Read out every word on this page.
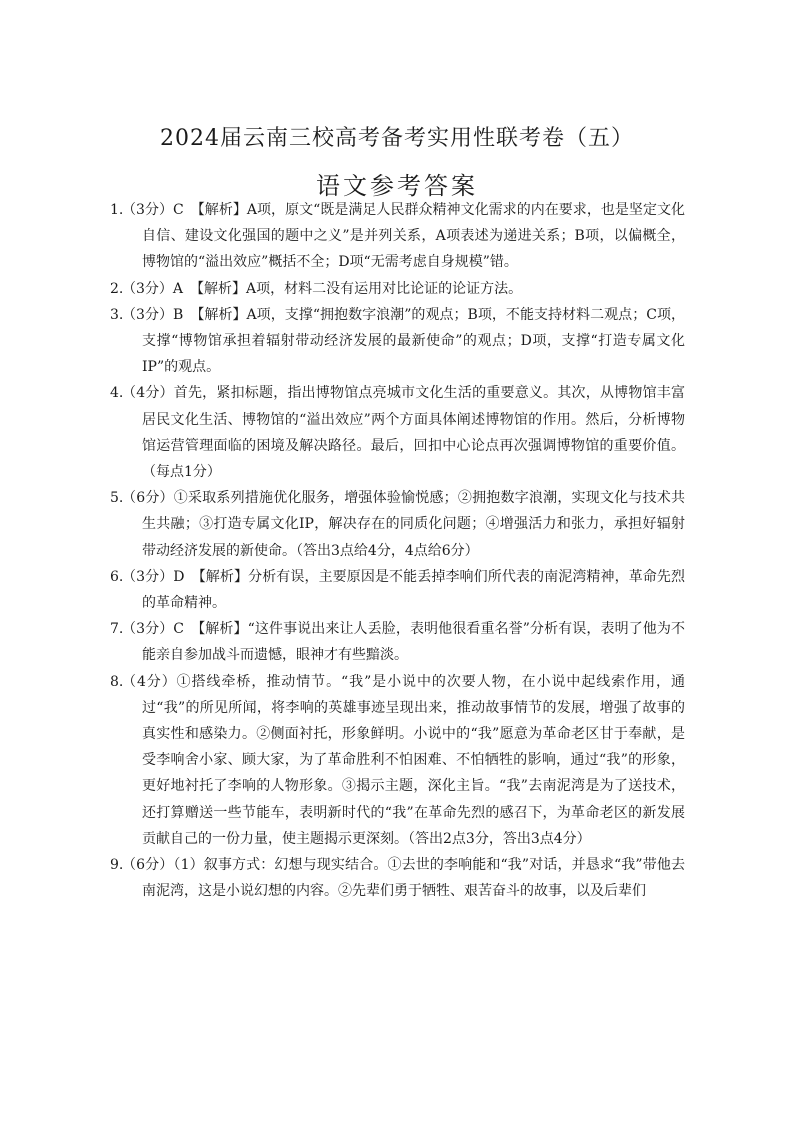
2024届云南三校高考备考实用性联考卷（五）
语文参考答案
1.
（3分）C　【解析】A项，原文“既是满足人民群众精神文化需求的内在要求，也是坚定文化自信、建设文化强国的题中之义”是并列关系，A项表述为递进关系；B项，以偏概全，博物馆的“溢出效应”概括不全；D项“无需考虑自身规模”错。
2.
（3分）A　【解析】A项，材料二没有运用对比论证的论证方法。
3.
（3分）B　【解析】A项，支撑“拥抱数字浪潮”的观点；B项，不能支持材料二观点；C项，支撑“博物馆承担着辐射带动经济发展的最新使命”的观点；D项，支撑“打造专属文化IP”的观点。
4.
（4分）首先，紧扣标题，指出博物馆点亮城市文化生活的重要意义。其次，从博物馆丰富居民文化生活、博物馆的“溢出效应”两个方面具体阐述博物馆的作用。然后，分析博物馆运营管理面临的困境及解决路径。最后，回扣中心论点再次强调博物馆的重要价值。（每点1分）
5.
（6分）①采取系列措施优化服务，增强体验愉悦感；②拥抱数字浪潮，实现文化与技术共生共融；③打造专属文化IP，解决存在的同质化问题；④增强活力和张力，承担好辐射带动经济发展的新使命。（答出3点给4分，4点给6分）
6.
（3分）D　【解析】分析有误，主要原因是不能丢掉李响们所代表的南泥湾精神，革命先烈的革命精神。
7.
（3分）C　【解析】“这件事说出来让人丢脸，表明他很看重名誉”分析有误，表明了他为不能亲自参加战斗而遗憾，眼神才有些黯淡。
8.
（4分）①搭线牵桥，推动情节。“我”是小说中的次要人物，在小说中起线索作用，通过“我”的所见所闻，将李响的英雄事迹呈现出来，推动故事情节的发展，增强了故事的真实性和感染力。②侧面衬托，形象鲜明。小说中的“我”愿意为革命老区甘于奉献，是受李响舍小家、顾大家，为了革命胜利不怕困难、不怕牺牲的影响，通过“我”的形象，更好地衬托了李响的人物形象。③揭示主题，深化主旨。“我”去南泥湾是为了送技术，还打算赠送一些节能车，表明新时代的“我”在革命先烈的感召下，为革命老区的新发展贡献自己的一份力量，使主题揭示更深刻。（答出2点3分，答出3点4分）
9.
（6分）（1）叙事方式：幻想与现实结合。①去世的李响能和“我”对话，并恳求“我”带他去南泥湾，这是小说幻想的内容。②先辈们勇于牺牲、艰苦奋斗的故事，以及后辈们
